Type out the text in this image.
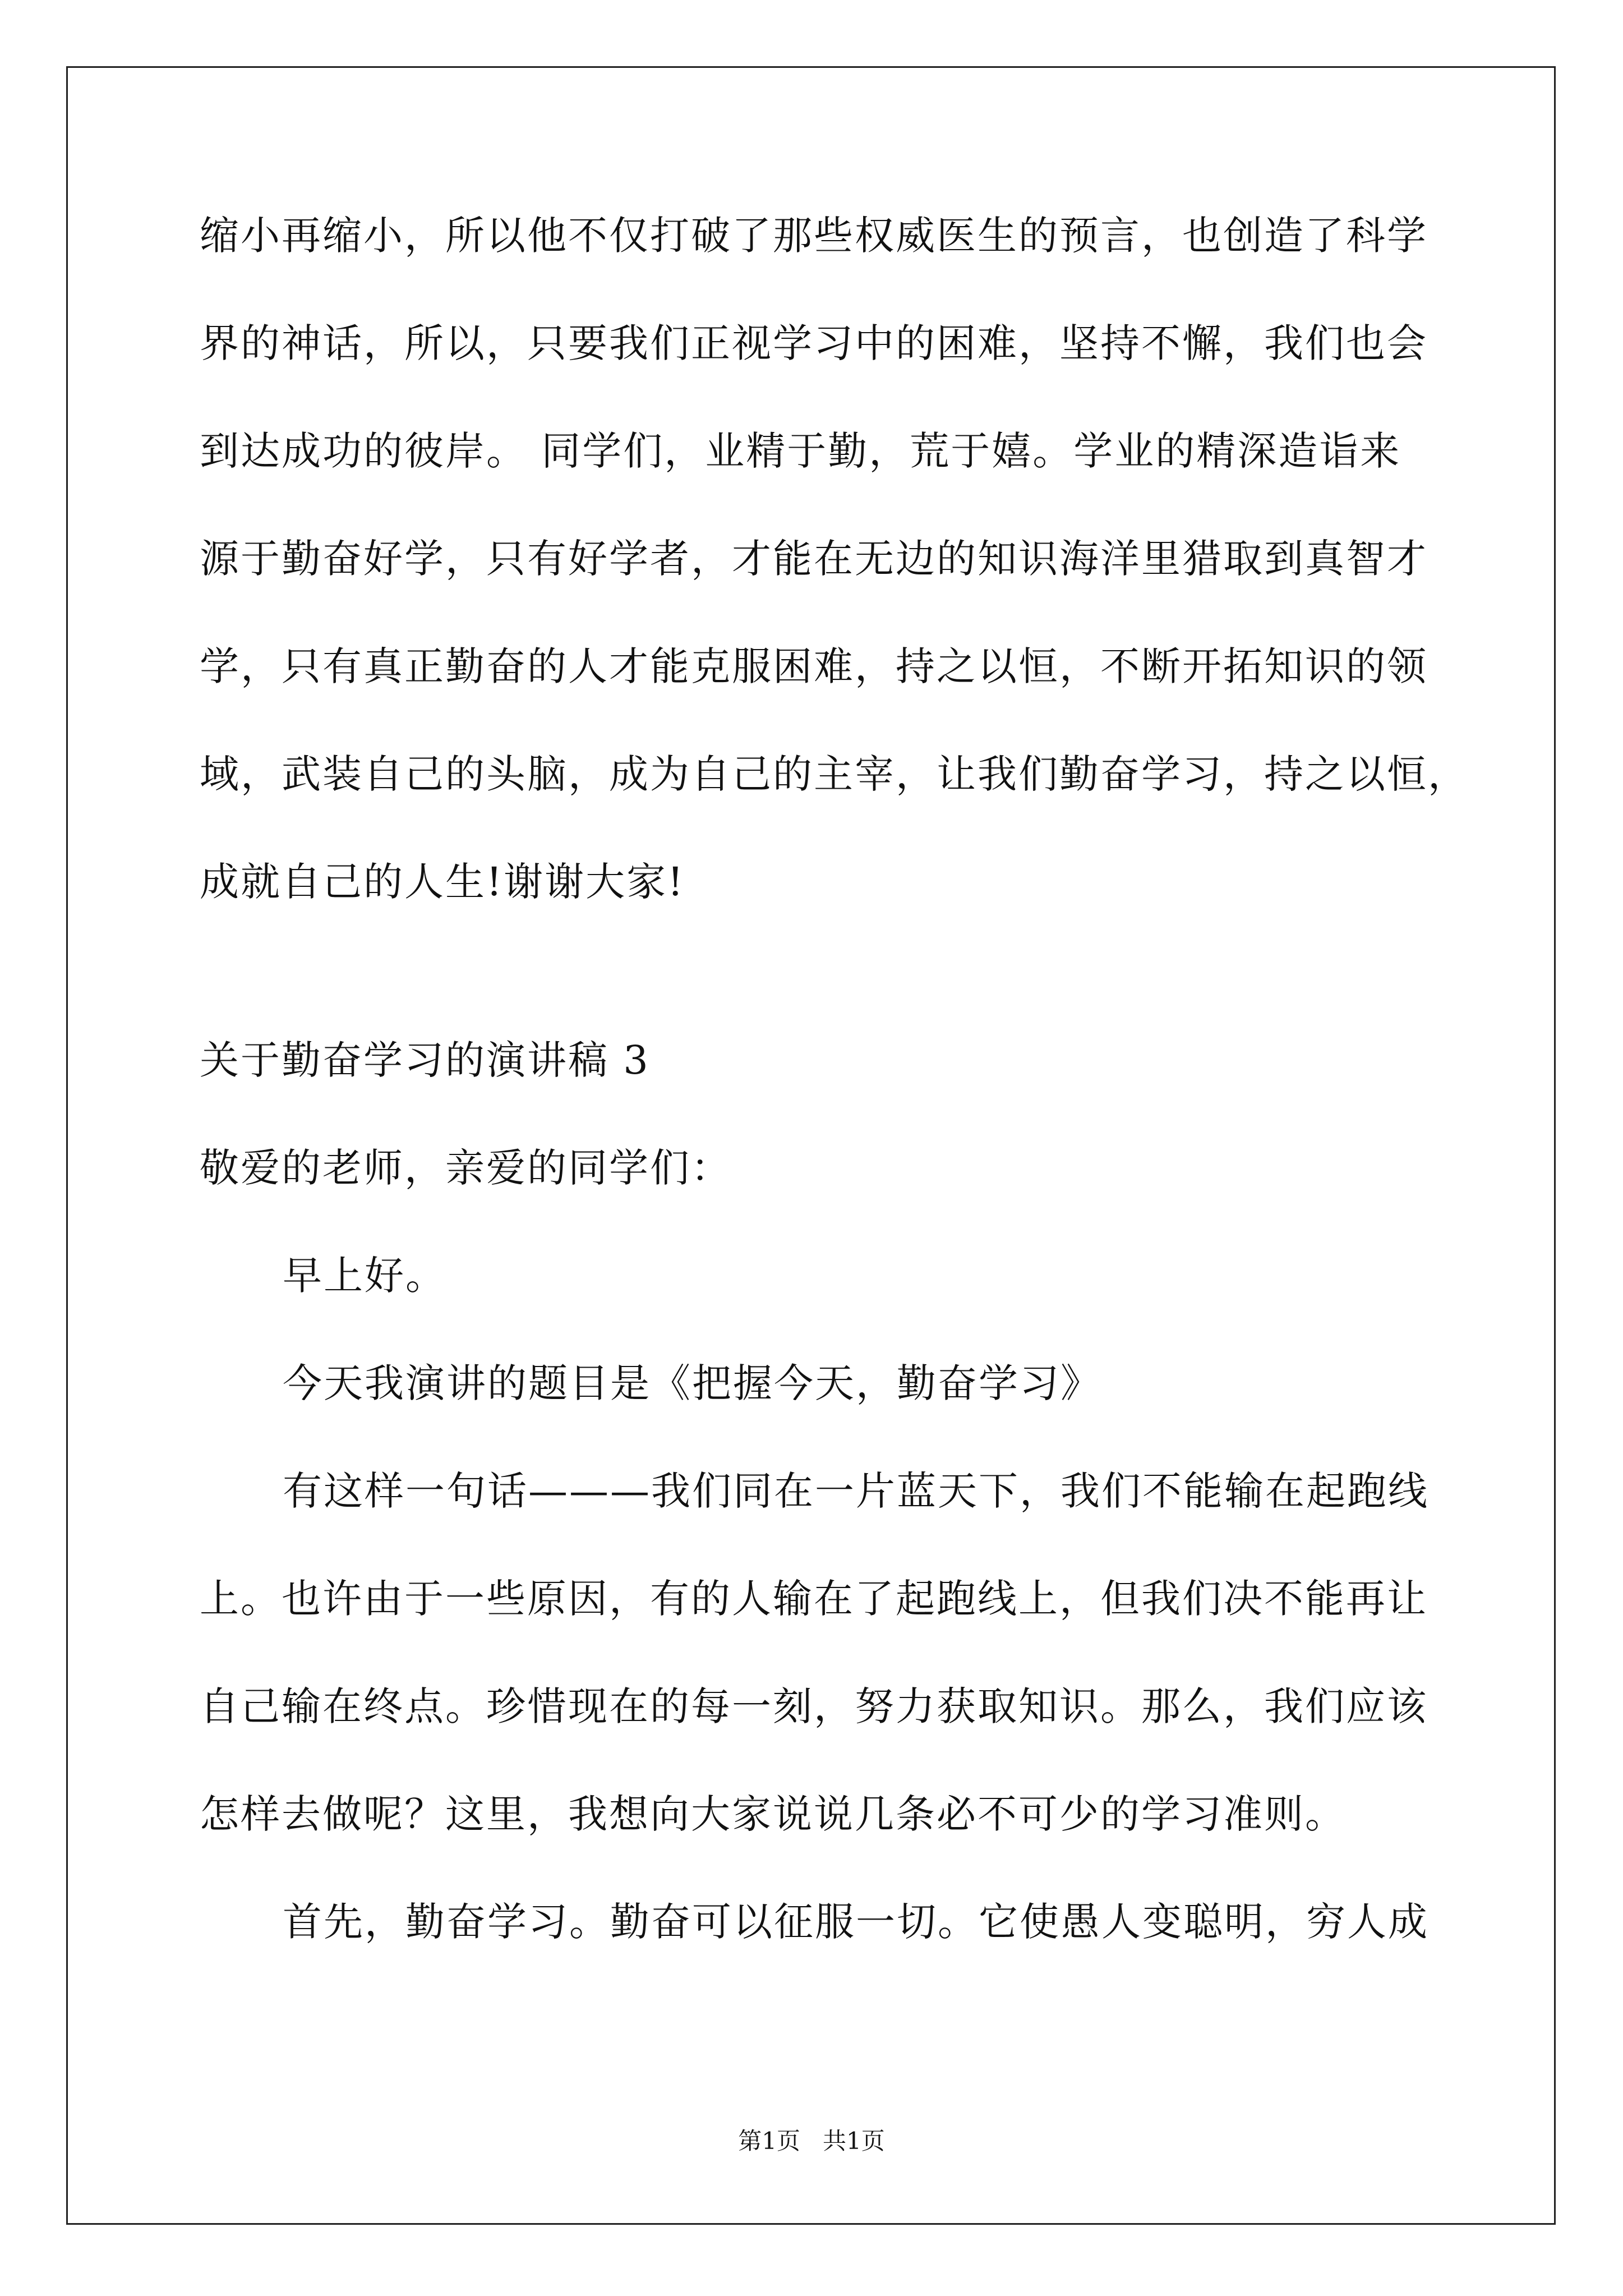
缩小再缩小，所以他不仅打破了那些权威医生的预言，也创造了科学
界的神话，所以，只要我们正视学习中的困难，坚持不懈，我们也会
到达成功的彼岸。 同学们，业精于勤，荒于嬉。学业的精深造诣来
源于勤奋好学，只有好学者，才能在无边的知识海洋里猎取到真智才
学，只有真正勤奋的人才能克服困难，持之以恒，不断开拓知识的领
域，武装自己的头脑，成为自己的主宰，让我们勤奋学习，持之以恒，
成就自己的人生!谢谢大家!
关于勤奋学习的演讲稿 3
敬爱的老师，亲爱的同学们：
早上好。
今天我演讲的题目是《把握今天，勤奋学习》
有这样一句话———我们同在一片蓝天下，我们不能输在起跑线
上。也许由于一些原因，有的人输在了起跑线上，但我们决不能再让
自己输在终点。珍惜现在的每一刻，努力获取知识。那么，我们应该
怎样去做呢？这里，我想向大家说说几条必不可少的学习准则。
首先，勤奋学习。勤奋可以征服一切。它使愚人变聪明，穷人成
第1页   共1页
